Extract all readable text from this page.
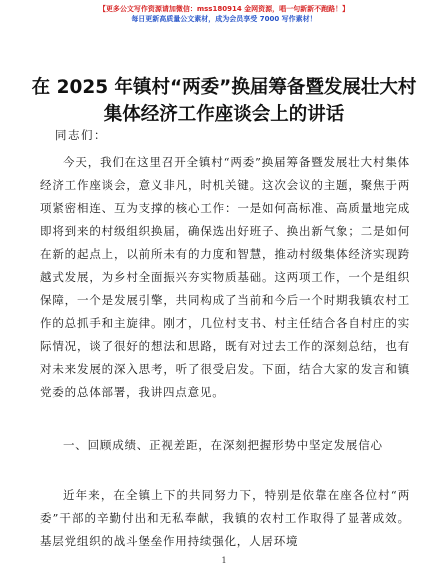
【更多公文写作资源请加微信：mss180914 金网资源，唱一句新新不跑路！】
每日更新高质量公文素材，成为会员享受 7000 写作素材！
在 2025 年镇村“两委”换届筹备暨发展壮大村
集体经济工作座谈会上的讲话
同志们：

今天，我们在这里召开全镇村“两委”换届筹备暨发展壮大村集体经济工作座谈会，意义非凡，时机关键。这次会议的主题，聚焦于两项紧密相连、互为支撑的核心工作：一是如何高标准、高质量地完成即将到来的村级组织换届，确保选出好班子、换出新气象；二是如何在新的起点上，以前所未有的力度和智慧，推动村级集体经济实现跨越式发展，为乡村全面振兴夯实物质基础。这两项工作，一个是组织保障，一个是发展引擎，共同构成了当前和今后一个时期我镇农村工作的总抓手和主旋律。刚才，几位村支书、村主任结合各自村庄的实际情况，谈了很好的想法和思路，既有对过去工作的深刻总结，也有对未来发展的深入思考，听了很受启发。下面，结合大家的发言和镇党委的总体部署，我讲四点意见。

一、回顾成绩、正视差距，在深刻把握形势中坚定发展信心

近年来，在全镇上下的共同努力下，特别是依靠在座各位村“两委”干部的辛勤付出和无私奉献，我镇的农村工作取得了显著成效。基层党组织的战斗堡垒作用持续强化，人居环境

1
